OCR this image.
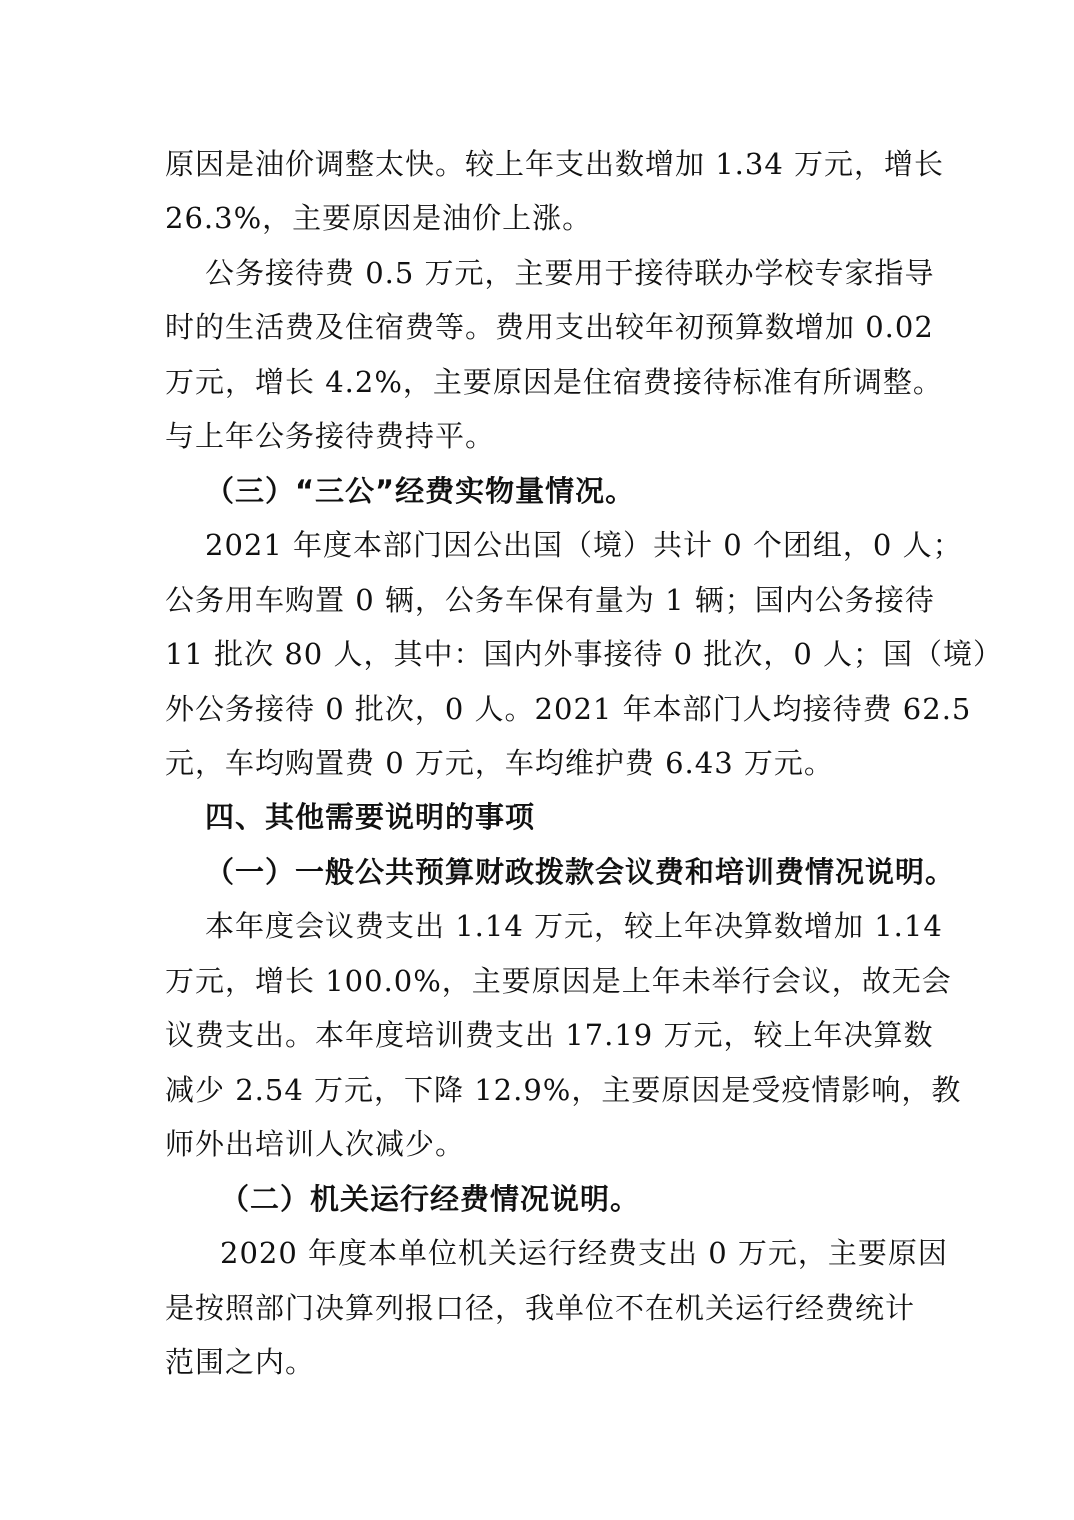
原因是油价调整太快。较上年支出数增加 1.34 万元，增长
26.3%，主要原因是油价上涨。
公务接待费 0.5 万元，主要用于接待联办学校专家指导
时的生活费及住宿费等。费用支出较年初预算数增加 0.02
万元，增长 4.2%，主要原因是住宿费接待标准有所调整。
与上年公务接待费持平。
（三）“三公”经费实物量情况。
2021 年度本部门因公出国（境）共计 0 个团组，0 人；
公务用车购置 0 辆，公务车保有量为 1 辆；国内公务接待
11 批次 80 人，其中：国内外事接待 0 批次，0 人；国（境）
外公务接待 0 批次，0 人。2021 年本部门人均接待费 62.5
元，车均购置费 0 万元，车均维护费 6.43 万元。
四、其他需要说明的事项
（一）一般公共预算财政拨款会议费和培训费情况说明。
本年度会议费支出 1.14 万元，较上年决算数增加 1.14
万元，增长 100.0%，主要原因是上年未举行会议，故无会
议费支出。本年度培训费支出 17.19 万元，较上年决算数
减少 2.54 万元，下降 12.9%，主要原因是受疫情影响，教
师外出培训人次减少。
（二）机关运行经费情况说明。
2020 年度本单位机关运行经费支出 0 万元，主要原因
是按照部门决算列报口径，我单位不在机关运行经费统计
范围之内。
